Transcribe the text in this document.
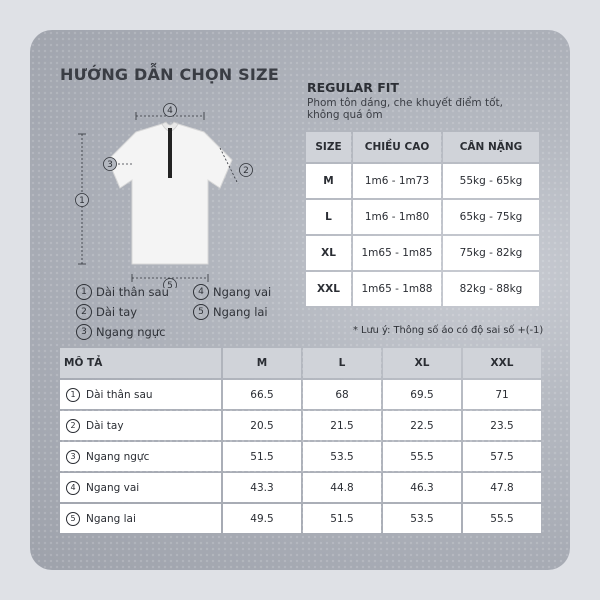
HƯỚNG DẪN CHỌN SIZE
1
4
2
3
5
1 Dài thân sau
2 Dài tay
3 Ngang ngực
4 Ngang vai
5 Ngang lai
REGULAR FIT
Phom tôn dáng, che khuyết điểm tốt, không quá ôm
SIZE	CHIỀU CAO	CÂN NẶNG
M	1m6 - 1m73	55kg - 65kg
L	1m6 - 1m80	65kg - 75kg
XL	1m65 - 1m85	75kg - 82kg
XXL	1m65 - 1m88	82kg - 88kg
* Lưu ý: Thông số áo có độ sai số +(-1)
MÔ TẢ	M	L	XL	XXL

1 Dài thân sau	66.5	68	69.5	71

2 Dài tay	20.5	21.5	22.5	23.5

3 Ngang ngực	51.5	53.5	55.5	57.5

4 Ngang vai	43.3	44.8	46.3	47.8

5 Ngang lai	49.5	51.5	53.5	55.5
